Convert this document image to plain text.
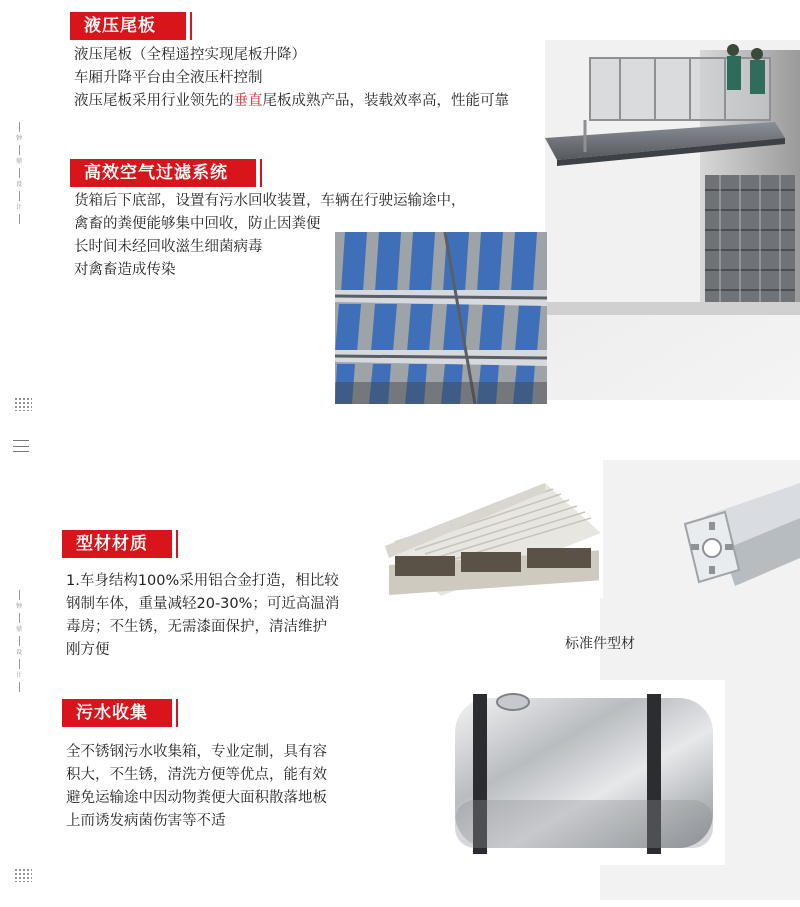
钟
鼎
设
计
钟
鼎
设
计
液压尾板

液压尾板（全程遥控实现尾板升降）

车厢升降平台由全液压杆控制

液压尾板采用行业领先的垂直尾板成熟产品，装载效率高，性能可靠

高效空气过滤系统

货箱后下底部，设置有污水回收装置，车辆在行驶运输途中，

禽畜的粪便能够集中回收，防止因粪便

长时间未经回收滋生细菌病毒

对禽畜造成传染

标准件型材
型材材质

1.车身结构100%采用铝合金打造，相比较

钢制车体，重量减轻20-30%；可近高温消

毒房；不生锈，无需漆面保护，清洁维护

刚方便

污水收集

全不锈钢污水收集箱，专业定制，具有容

积大，不生锈，清洗方便等优点，能有效

避免运输途中因动物粪便大面积散落地板

上而诱发病菌伤害等不适
